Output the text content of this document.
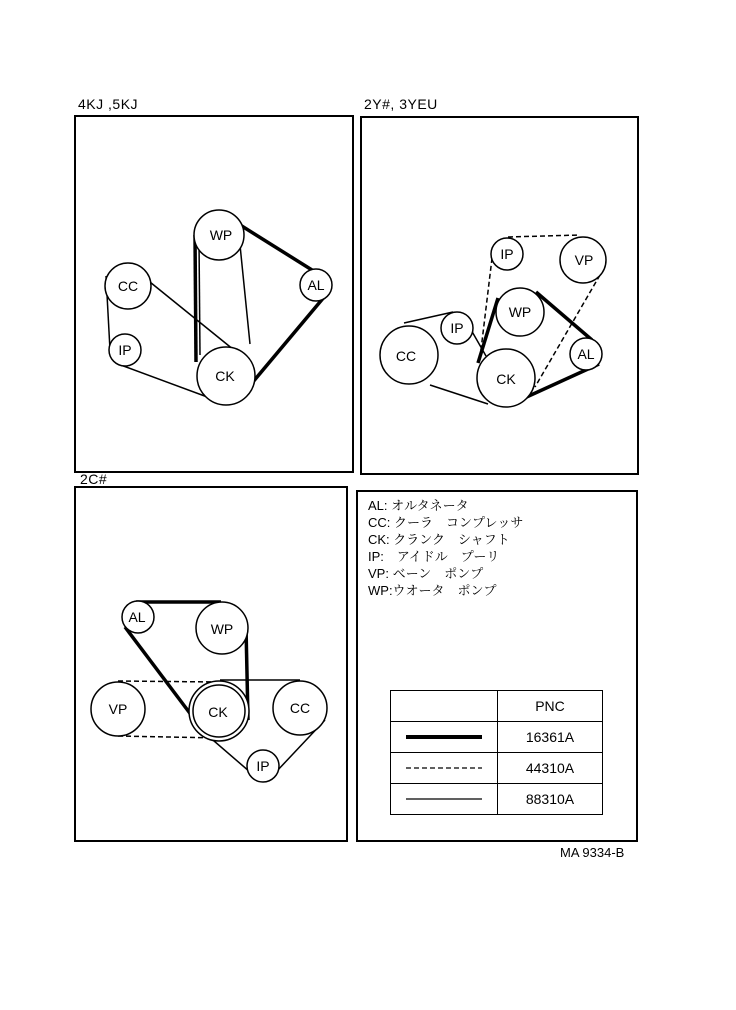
4KJ ,5KJ	2Y#, 3YEU
2C#
WP
CC	AL
IP
CK
IP	VP
WP
IP
CC	AL
CK
AL
WP
VP	CK	CC
IP
AL: オルタネータ
CC: クーラ　コンプレッサ
CK: クランク　シャフト
IP:　アイドル　プーリ
VP: ベーン　ポンプ
WP:ウオータ　ポンプ
	PNC
	16361A
	44310A
	88310A
MA 9334-B
